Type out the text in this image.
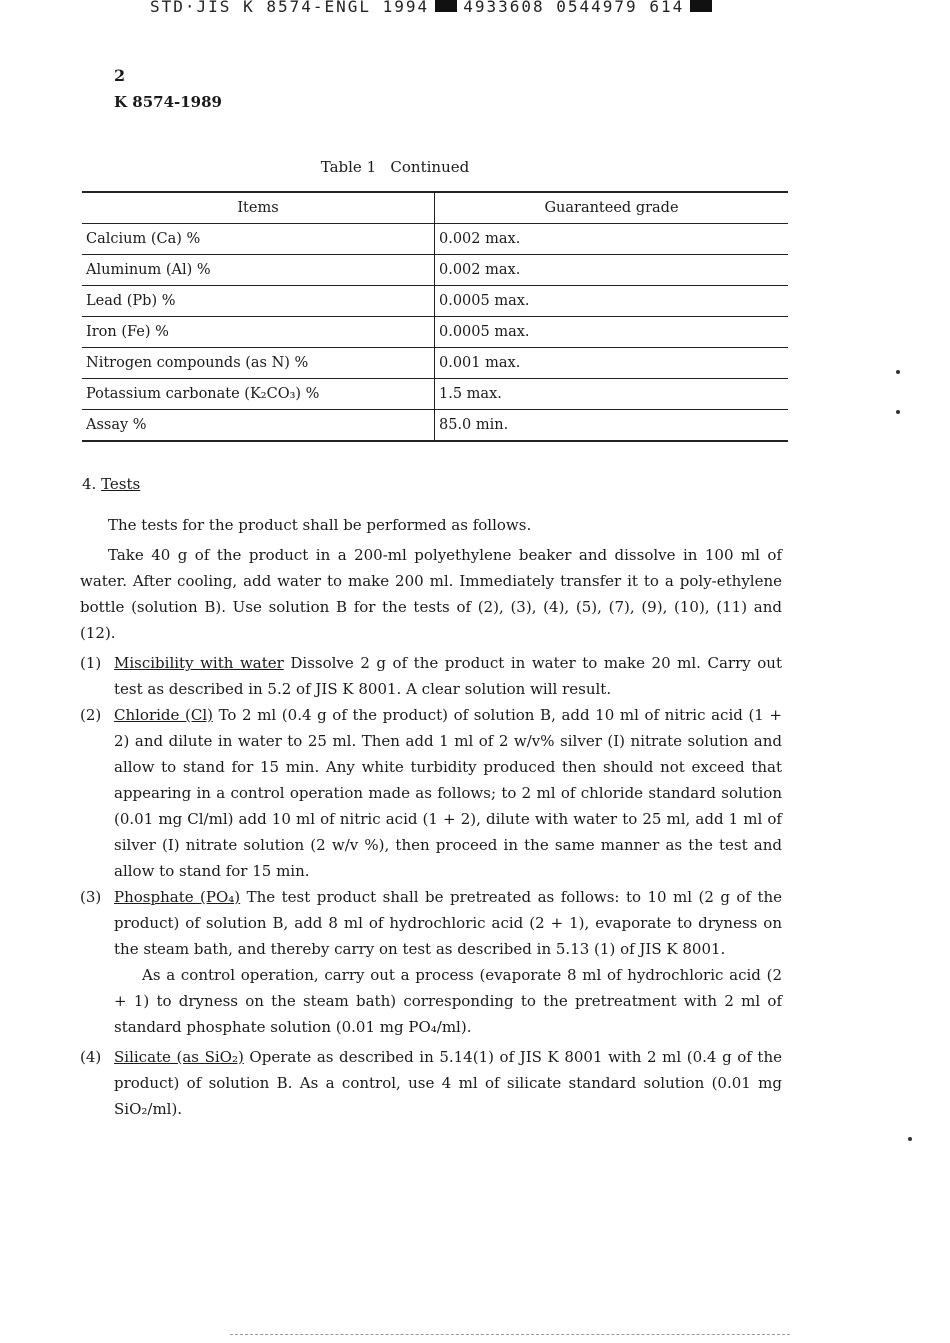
STD·JIS K 8574-ENGL 1994 4933608 0544979 614
2
K 8574-1989
Table 1   Continued
Items	Guaranteed grade
Calcium (Ca) %	0.002 max.
Aluminum (Al) %	0.002 max.
Lead (Pb) %	0.0005 max.
Iron (Fe) %	0.0005 max.
Nitrogen compounds (as N) %	0.001 max.
Potassium carbonate (K₂CO₃) %	1.5 max.
Assay %	85.0 min.
4. Tests

The tests for the product shall be performed as follows.

Take 40 g of the product in a 200-ml polyethylene beaker and dissolve in 100 ml of water. After cooling, add water to make 200 ml. Immediately transfer it to a poly-ethylene bottle (solution B). Use solution B for the tests of (2), (3), (4), (5), (7), (9), (10), (11) and (12).

(1) Miscibility with water Dissolve 2 g of the product in water to make 20 ml. Carry out test as described in 5.2 of JIS K 8001. A clear solution will result.
(2) Chloride (Cl) To 2 ml (0.4 g of the product) of solution B, add 10 ml of nitric acid (1 + 2) and dilute in water to 25 ml. Then add 1 ml of 2 w/v% silver (I) nitrate solution and allow to stand for 15 min. Any white turbidity produced then should not exceed that appearing in a control operation made as follows; to 2 ml of chloride standard solution (0.01 mg Cl/ml) add 10 ml of nitric acid (1 + 2), dilute with water to 25 ml, add 1 ml of silver (I) nitrate solution (2 w/v %), then proceed in the same manner as the test and allow to stand for 15 min.
(3) Phosphate (PO₄) The test product shall be pretreated as follows: to 10 ml (2 g of the product) of solution B, add 8 ml of hydrochloric acid (2 + 1), evaporate to dryness on the steam bath, and thereby carry on test as described in 5.13 (1) of JIS K 8001.

As a control operation, carry out a process (evaporate 8 ml of hydrochloric acid (2 + 1) to dryness on the steam bath) corresponding to the pretreatment with 2 ml of standard phosphate solution (0.01 mg PO₄/ml).

(4) Silicate (as SiO₂) Operate as described in 5.14(1) of JIS K 8001 with 2 ml (0.4 g of the product) of solution B. As a control, use 4 ml of silicate standard solution (0.01 mg SiO₂/ml).
